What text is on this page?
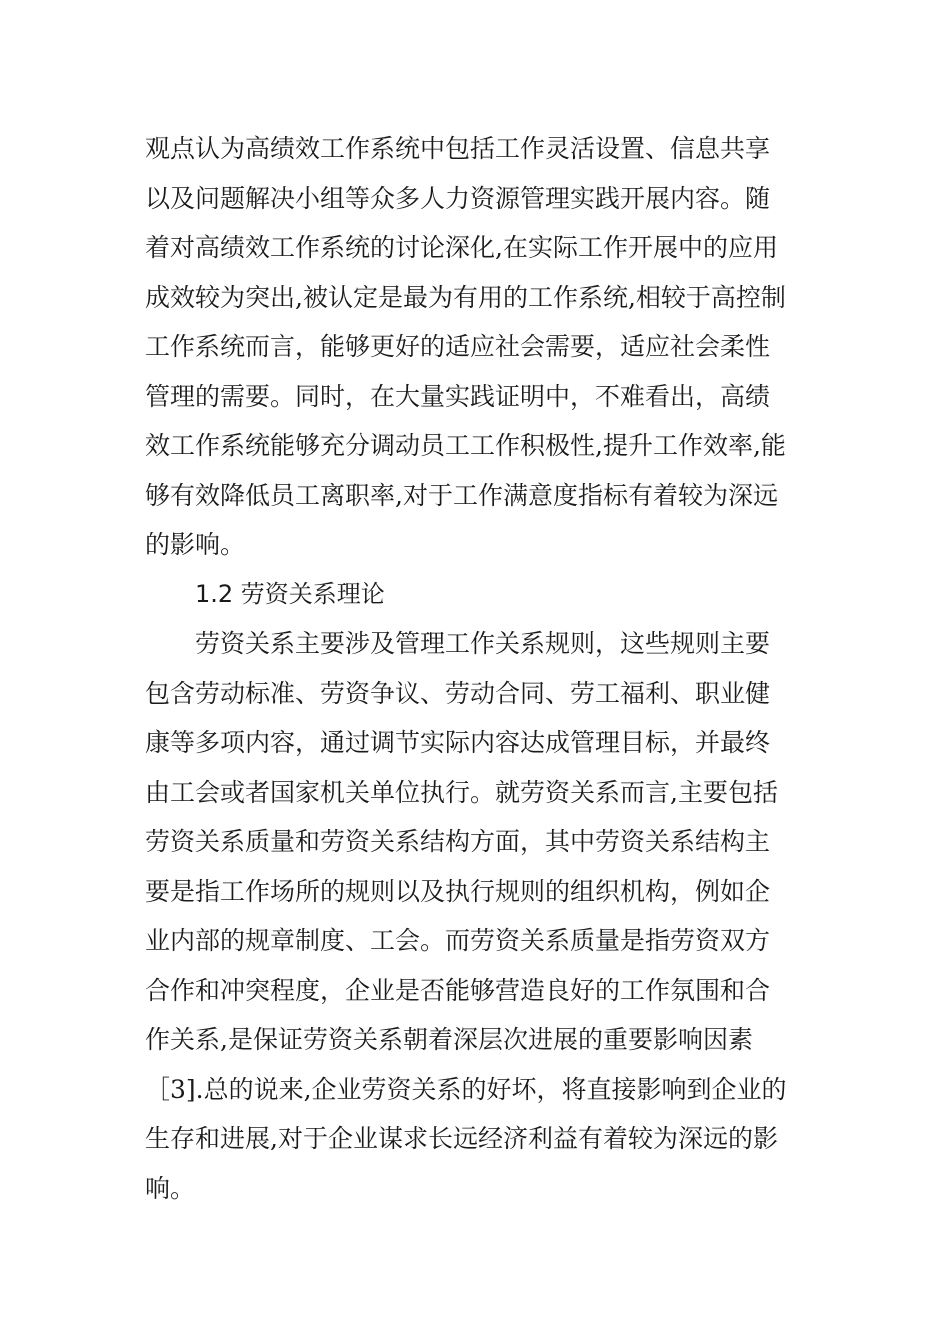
观点认为高绩效工作系统中包括工作灵活设置、信息共享
以及问题解决小组等众多人力资源管理实践开展内容。随
着对高绩效工作系统的讨论深化,在实际工作开展中的应用
成效较为突出,被认定是最为有用的工作系统,相较于高控制
工作系统而言，能够更好的适应社会需要，适应社会柔性
管理的需要。同时，在大量实践证明中，不难看出，高绩
效工作系统能够充分调动员工工作积极性,提升工作效率,能
够有效降低员工离职率,对于工作满意度指标有着较为深远
的影响。
1.2 劳资关系理论
劳资关系主要涉及管理工作关系规则，这些规则主要
包含劳动标准、劳资争议、劳动合同、劳工福利、职业健
康等多项内容，通过调节实际内容达成管理目标，并最终
由工会或者国家机关单位执行。就劳资关系而言,主要包括
劳资关系质量和劳资关系结构方面，其中劳资关系结构主
要是指工作场所的规则以及执行规则的组织机构，例如企
业内部的规章制度、工会。而劳资关系质量是指劳资双方
合作和冲突程度，企业是否能够营造良好的工作氛围和合
作关系,是保证劳资关系朝着深层次进展的重要影响因素
［3].总的说来,企业劳资关系的好坏，将直接影响到企业的
生存和进展,对于企业谋求长远经济利益有着较为深远的影
响。
